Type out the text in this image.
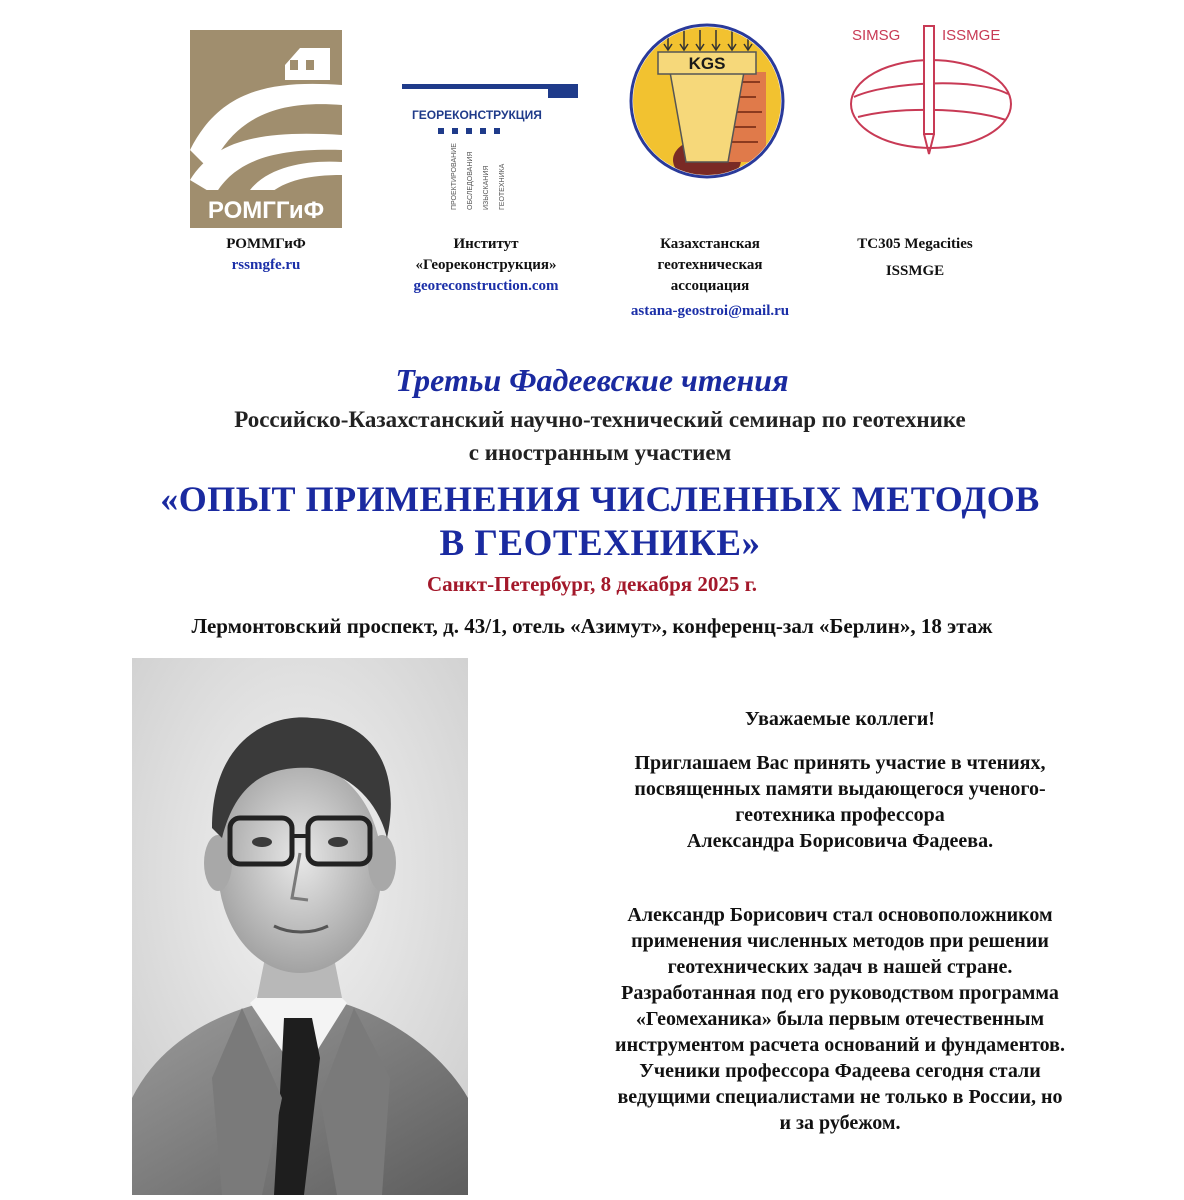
РОМГГиФ
РОММГиФ
rssmgfe.ru
ГЕОРЕКОНСТРУКЦИЯ
ПРОЕКТИРОВАНИЕ ОБСЛЕДОВАНИЯ ИЗЫСКАНИЯ ГЕОТЕХНИКА
Институт
«Георeконструкция»
georeconstruction.com
KGS
Казахстанская
геотехническая
ассоциация
astana-geostroi@mail.ru
SIMSG	ISSMGE
TC305 Megacities
ISSMGE
Третьи Фадеевские чтения
Российско-Казахстанский научно-технический семинар по геотехнике
с иностранным участием
«ОПЫТ ПРИМЕНЕНИЯ ЧИСЛЕННЫХ МЕТОДОВ
В ГЕОТЕХНИКЕ»
Санкт-Петербург, 8 декабря 2025 г.
Лермонтовский проспект, д. 43/1, отель «Азимут», конференц-зал «Берлин», 18 этаж
Уважаемые коллеги!

Приглашаем Вас принять участие в чтениях,

посвященных памяти выдающегося ученого-

геотехника профессора

Александра Борисовича Фадеева.

Александр Борисович стал основоположником

применения численных методов при решении

геотехнических задач в нашей стране.

Разработанная под его руководством программа

«Геомеханика» была первым отечественным

инструментом расчета оснований и фундаментов.

Ученики профессора Фадеева сегодня стали

ведущими специалистами не только в России, но

и за рубежом.
